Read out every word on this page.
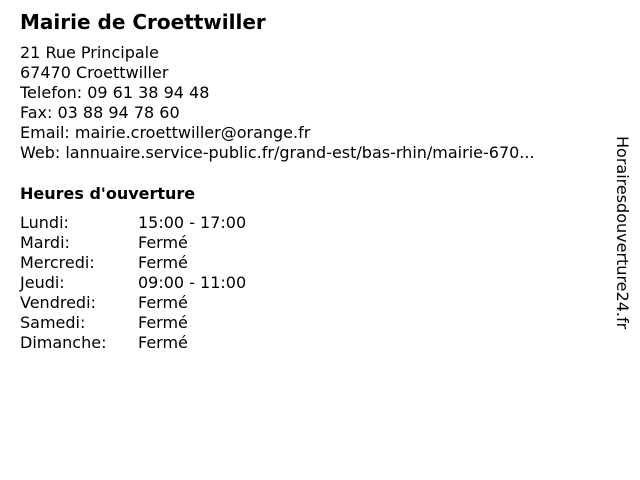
Mairie de Croettwiller
21 Rue Principale
67470 Croettwiller
Telefon: 09 61 38 94 48
Fax: 03 88 94 78 60
Email: mairie.croettwiller@orange.fr
Web: lannuaire.service-public.fr/grand-est/bas-rhin/mairie-670...
Heures d'ouverture
Lundi:	15:00 - 17:00
Mardi:	Fermé
Mercredi:	Fermé
Jeudi:	09:00 - 11:00
Vendredi:	Fermé
Samedi:	Fermé
Dimanche: Fermé
Horairesdouverture24.fr
